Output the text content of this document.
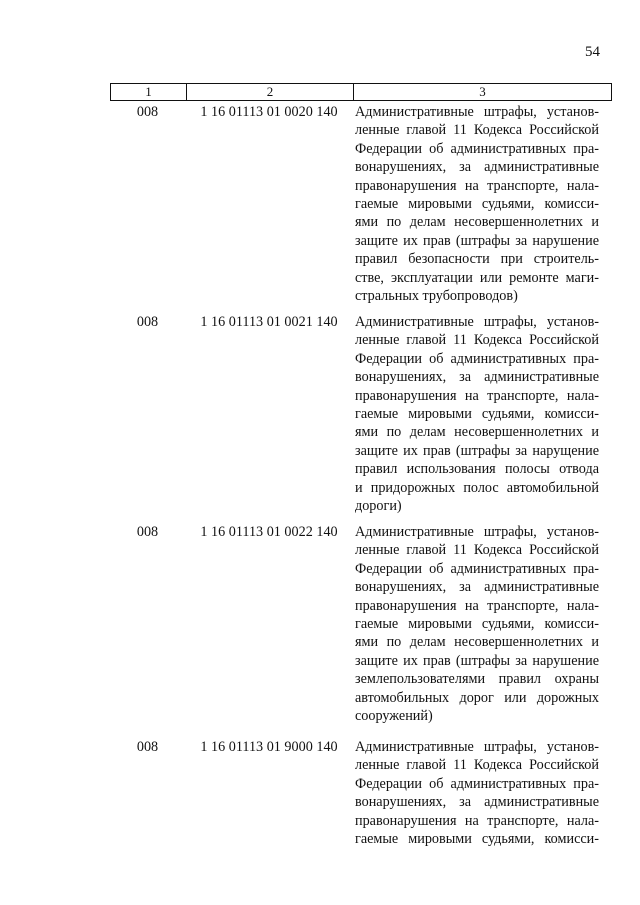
54
1	2	3
008	1 16 01113 01 0020 140	Административные штрафы, установ-
ленные главой 11 Кодекса Российской
Федерации об административных пра-
вонарушениях, за административные
правонарушения на транспорте, нала-
гаемые мировыми судьями, комисси-
ями по делам несовершеннолетних и
защите их прав (штрафы за нарушение
правил безопасности при строитель-
стве, эксплуатации или ремонте маги-
стральных трубопроводов)
008	1 16 01113 01 0021 140	Административные штрафы, установ-
ленные главой 11 Кодекса Российской
Федерации об административных пра-
вонарушениях, за административные
правонарушения на транспорте, нала-
гаемые мировыми судьями, комисси-
ями по делам несовершеннолетних и
защите их прав (штрафы за нарущение
правил использования полосы отвода
и придорожных полос автомобильной
дороги)
008	1 16 01113 01 0022 140	Административные штрафы, установ-
ленные главой 11 Кодекса Российской
Федерации об административных пра-
вонарушениях, за административные
правонарушения на транспорте, нала-
гаемые мировыми судьями, комисси-
ями по делам несовершеннолетних и
защите их прав (штрафы за нарушение
землепользователями правил охраны
автомобильных дорог или дорожных
сооружений)
008	1 16 01113 01 9000 140	Административные штрафы, установ-
ленные главой 11 Кодекса Российской
Федерации об административных пра-
вонарушениях, за административные
правонарушения на транспорте, нала-
гаемые мировыми судьями, комисси-
